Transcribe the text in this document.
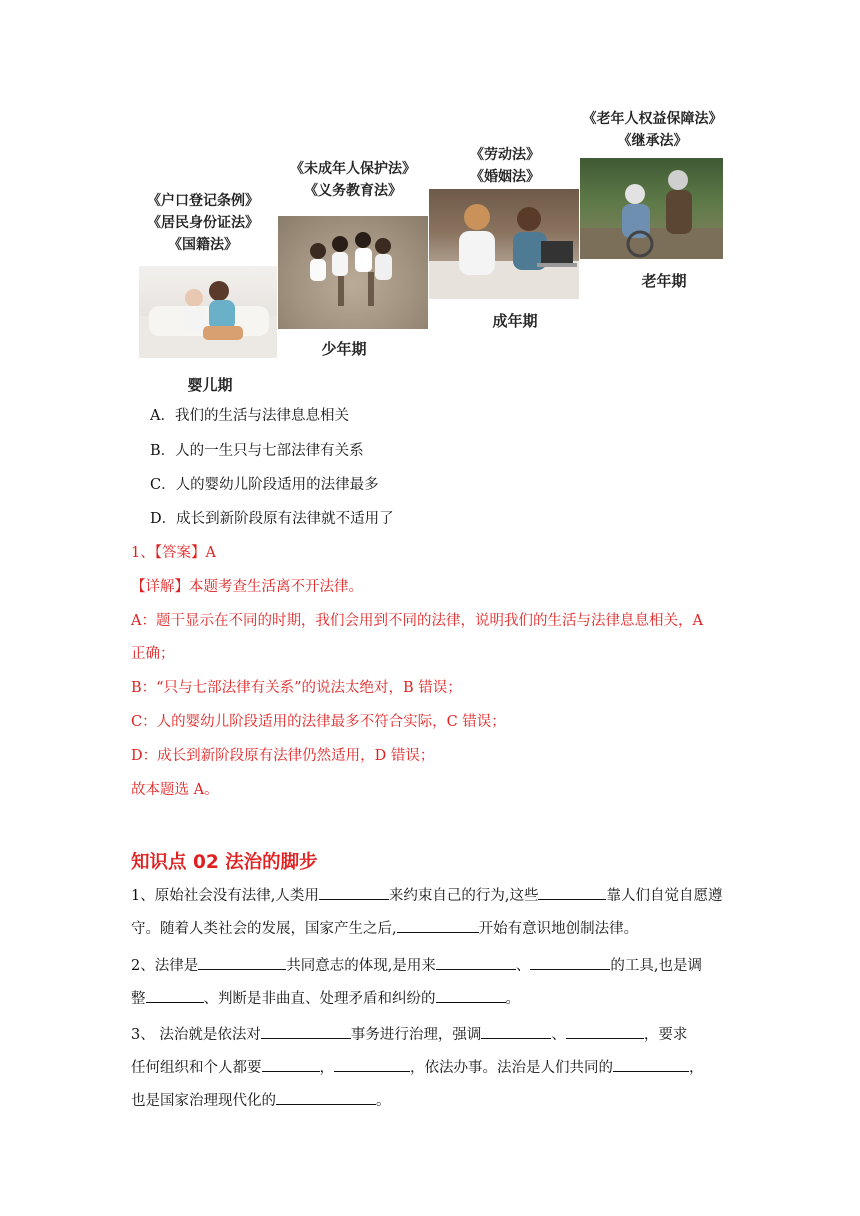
《户口登记条例》
《居民身份证法》
《国籍法》
婴儿期
《未成年人保护法》
《义务教育法》
少年期
《劳动法》
《婚姻法》
成年期
《老年人权益保障法》
《继承法》
老年期
A．我们的生活与法律息息相关
B．人的一生只与七部法律有关系
C．人的婴幼儿阶段适用的法律最多
D．成长到新阶段原有法律就不适用了
1、【答案】A
【详解】本题考查生活离不开法律。
A：题干显示在不同的时期，我们会用到不同的法律，说明我们的生活与法律息息相关，A
正确；
B：“只与七部法律有关系”的说法太绝对，B 错误；
C：人的婴幼儿阶段适用的法律最多不符合实际，C 错误；
D：成长到新阶段原有法律仍然适用，D 错误；
故本题选 A。
知识点 02 法治的脚步
1、原始社会没有法律,人类用	来约束自己的行为,这些	靠人们自觉自愿遵
守。随着人类社会的发展，国家产生之后,	开始有意识地创制法律。
2、法律是	共同意志的体现,是用来	、	的工具,也是调
整	、判断是非曲直、处理矛盾和纠纷的	。
3、 法治就是依法对	事务进行治理，强调	、	，要求
任何组织和个人都要	，	，依法办事。法治是人们共同的	，
也是国家治理现代化的	。
